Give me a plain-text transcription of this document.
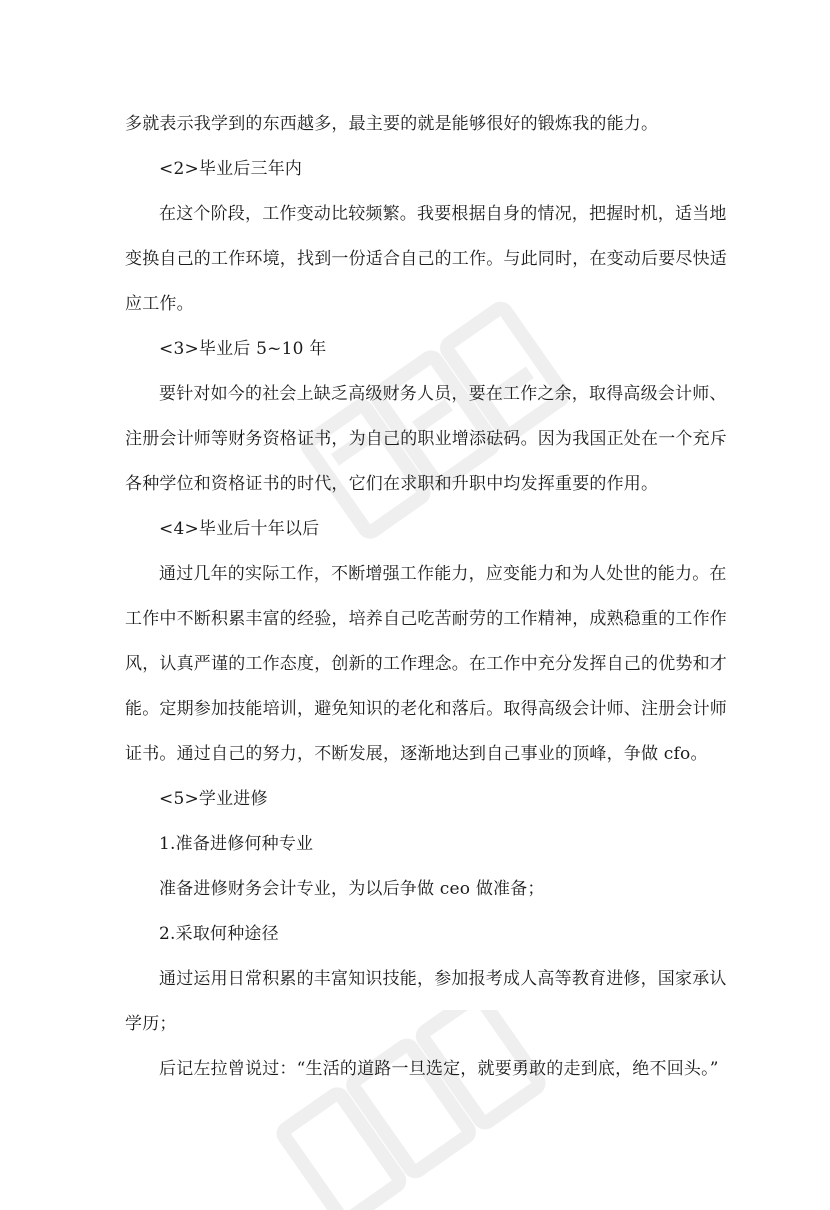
多就表示我学到的东西越多，最主要的就是能够很好的锻炼我的能力。
<2>毕业后三年内
在这个阶段，工作变动比较频繁。我要根据自身的情况，把握时机，适当地
变换自己的工作环境，找到一份适合自己的工作。与此同时，在变动后要尽快适
应工作。
<3>毕业后 5~10 年
要针对如今的社会上缺乏高级财务人员，要在工作之余，取得高级会计师、
注册会计师等财务资格证书，为自己的职业增添砝码。因为我国正处在一个充斥
各种学位和资格证书的时代，它们在求职和升职中均发挥重要的作用。
<4>毕业后十年以后
通过几年的实际工作，不断增强工作能力，应变能力和为人处世的能力。在
工作中不断积累丰富的经验，培养自己吃苦耐劳的工作精神，成熟稳重的工作作
风，认真严谨的工作态度，创新的工作理念。在工作中充分发挥自己的优势和才
能。定期参加技能培训，避免知识的老化和落后。取得高级会计师、注册会计师
证书。通过自己的努力，不断发展，逐渐地达到自己事业的顶峰，争做 cfo。
<5>学业进修
1.准备进修何种专业
准备进修财务会计专业，为以后争做 ceo 做准备；
2.采取何种途径
通过运用日常积累的丰富知识技能，参加报考成人高等教育进修，国家承认
学历；
后记左拉曾说过：“生活的道路一旦选定，就要勇敢的走到底，绝不回头。”
